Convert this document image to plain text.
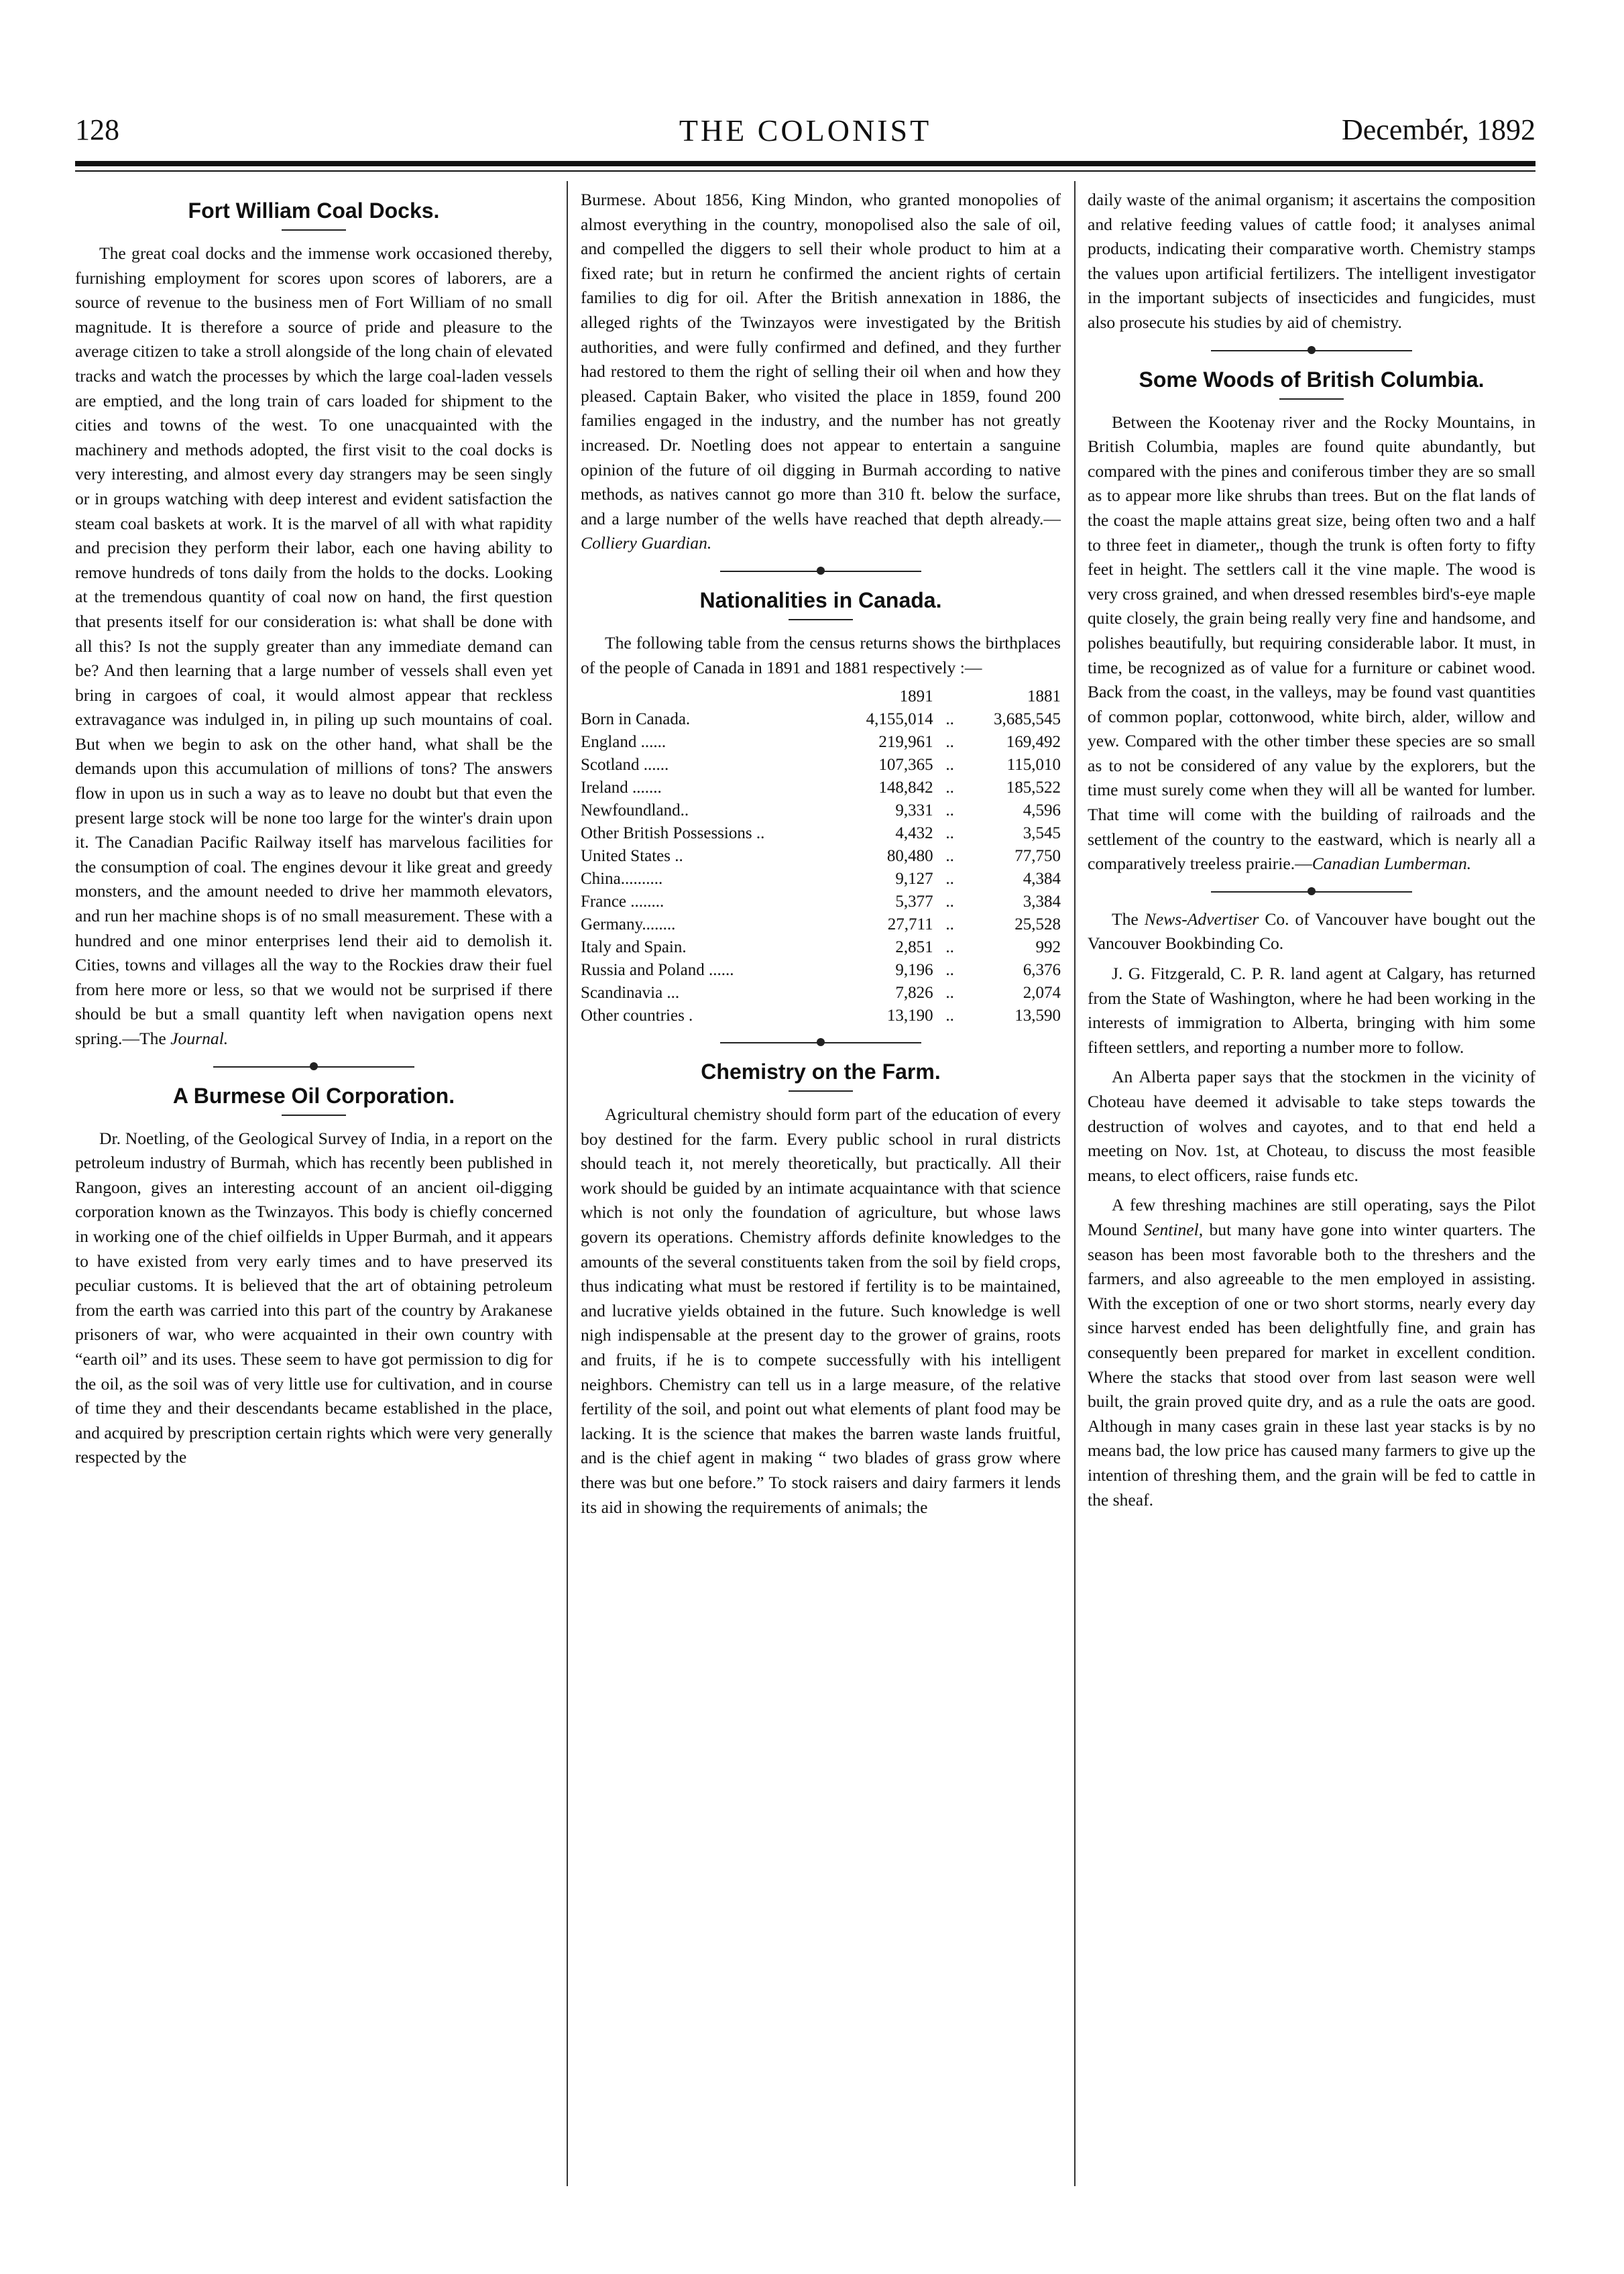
128	THE COLONIST	Decembér, 1892
Fort William Coal Docks.

The great coal docks and the immense work occasioned thereby, furnishing employment for scores upon scores of laborers, are a source of revenue to the business men of Fort William of no small magnitude. It is therefore a source of pride and pleasure to the average citizen to take a stroll alongside of the long chain of elevated tracks and watch the processes by which the large coal-laden vessels are emptied, and the long train of cars loaded for shipment to the cities and towns of the west. To one unacquainted with the machinery and methods adopted, the first visit to the coal docks is very interesting, and almost every day strangers may be seen singly or in groups watching with deep interest and evident satisfaction the steam coal baskets at work. It is the marvel of all with what rapidity and precision they perform their labor, each one having ability to remove hundreds of tons daily from the holds to the docks. Looking at the tremendous quantity of coal now on hand, the first question that presents itself for our consideration is: what shall be done with all this? Is not the supply greater than any immediate demand can be? And then learning that a large number of vessels shall even yet bring in cargoes of coal, it would almost appear that reckless extravagance was indulged in, in piling up such mountains of coal. But when we begin to ask on the other hand, what shall be the demands upon this accumulation of millions of tons? The answers flow in upon us in such a way as to leave no doubt but that even the present large stock will be none too large for the winter's drain upon it. The Canadian Pacific Railway itself has marvelous facilities for the consumption of coal. The engines devour it like great and greedy monsters, and the amount needed to drive her mammoth elevators, and run her machine shops is of no small measurement. These with a hundred and one minor enterprises lend their aid to demolish it. Cities, towns and villages all the way to the Rockies draw their fuel from here more or less, so that we would not be surprised if there should be but a small quantity left when navigation opens next spring.—The Journal.

A Burmese Oil Corporation.

Dr. Noetling, of the Geological Survey of India, in a report on the petroleum industry of Burmah, which has recently been published in Rangoon, gives an interesting account of an ancient oil-digging corporation known as the Twinzayos. This body is chiefly concerned in working one of the chief oilfields in Upper Burmah, and it appears to have existed from very early times and to have preserved its peculiar customs. It is believed that the art of obtaining petroleum from the earth was carried into this part of the country by Arakanese prisoners of war, who were acquainted in their own country with “earth oil” and its uses. These seem to have got permission to dig for the oil, as the soil was of very little use for cultivation, and in course of time they and their descendants became established in the place, and acquired by prescription certain rights which were very generally respected by the

Burmese. About 1856, King Mindon, who granted monopolies of almost everything in the country, monopolised also the sale of oil, and compelled the diggers to sell their whole product to him at a fixed rate; but in return he confirmed the ancient rights of certain families to dig for oil. After the British annexation in 1886, the alleged rights of the Twinzayos were investigated by the British authorities, and were fully confirmed and defined, and they further had restored to them the right of selling their oil when and how they pleased. Captain Baker, who visited the place in 1859, found 200 families engaged in the industry, and the number has not greatly increased. Dr. Noetling does not appear to entertain a sanguine opinion of the future of oil digging in Burmah according to native methods, as natives cannot go more than 310 ft. below the surface, and a large number of the wells have reached that depth already.—Colliery Guardian.

Nationalities in Canada.

The following table from the census returns shows the birthplaces of the people of Canada in 1891 and 1881 respectively :—

	1891		1881
Born in Canada.	4,155,014	..	3,685,545
England ......	219,961	..	169,492
Scotland ......	107,365	..	115,010
Ireland .......	148,842	..	185,522
Newfoundland..	9,331	..	4,596
Other British Possessions ..	4,432	..	3,545
United States ..	80,480	..	77,750
China..........	9,127	..	4,384
France ........	5,377	..	3,384
Germany........	27,711	..	25,528
Italy and Spain.	2,851	..	992
Russia and Poland ......	9,196	..	6,376
Scandinavia ...	7,826	..	2,074
Other countries .	13,190	..	13,590
Chemistry on the Farm.

Agricultural chemistry should form part of the education of every boy destined for the farm. Every public school in rural districts should teach it, not merely theoretically, but practically. All their work should be guided by an intimate acquaintance with that science which is not only the foundation of agriculture, but whose laws govern its operations. Chemistry affords definite knowledges to the amounts of the several constituents taken from the soil by field crops, thus indicating what must be restored if fertility is to be maintained, and lucrative yields obtained in the future. Such knowledge is well nigh indispensable at the present day to the grower of grains, roots and fruits, if he is to compete successfully with his intelligent neighbors. Chemistry can tell us in a large measure, of the relative fertility of the soil, and point out what elements of plant food may be lacking. It is the science that makes the barren waste lands fruitful, and is the chief agent in making “ two blades of grass grow where there was but one before.” To stock raisers and dairy farmers it lends its aid in showing the requirements of animals; the

daily waste of the animal organism; it ascertains the composition and relative feeding values of cattle food; it analyses animal products, indicating their comparative worth. Chemistry stamps the values upon artificial fertilizers. The intelligent investigator in the important subjects of insecticides and fungicides, must also prosecute his studies by aid of chemistry.

Some Woods of British Columbia.

Between the Kootenay river and the Rocky Mountains, in British Columbia, maples are found quite abundantly, but compared with the pines and coniferous timber they are so small as to appear more like shrubs than trees. But on the flat lands of the coast the maple attains great size, being often two and a half to three feet in diameter,, though the trunk is often forty to fifty feet in height. The settlers call it the vine maple. The wood is very cross grained, and when dressed resembles bird's-eye maple quite closely, the grain being really very fine and handsome, and polishes beautifully, but requiring considerable labor. It must, in time, be recognized as of value for a furniture or cabinet wood. Back from the coast, in the valleys, may be found vast quantities of common poplar, cottonwood, white birch, alder, willow and yew. Compared with the other timber these species are so small as to not be considered of any value by the explorers, but the time must surely come when they will all be wanted for lumber. That time will come with the building of railroads and the settlement of the country to the eastward, which is nearly all a comparatively treeless prairie.—Canadian Lumberman.

The News-Advertiser Co. of Vancouver have bought out the Vancouver Bookbinding Co.

J. G. Fitzgerald, C. P. R. land agent at Calgary, has returned from the State of Washington, where he had been working in the interests of immigration to Alberta, bringing with him some fifteen settlers, and reporting a number more to follow.

An Alberta paper says that the stockmen in the vicinity of Choteau have deemed it advisable to take steps towards the destruction of wolves and cayotes, and to that end held a meeting on Nov. 1st, at Choteau, to discuss the most feasible means, to elect officers, raise funds etc.

A few threshing machines are still operating, says the Pilot Mound Sentinel, but many have gone into winter quarters. The season has been most favorable both to the threshers and the farmers, and also agreeable to the men employed in assisting. With the exception of one or two short storms, nearly every day since harvest ended has been delightfully fine, and grain has consequently been prepared for market in excellent condition. Where the stacks that stood over from last season were well built, the grain proved quite dry, and as a rule the oats are good. Although in many cases grain in these last year stacks is by no means bad, the low price has caused many farmers to give up the intention of threshing them, and the grain will be fed to cattle in the sheaf.
